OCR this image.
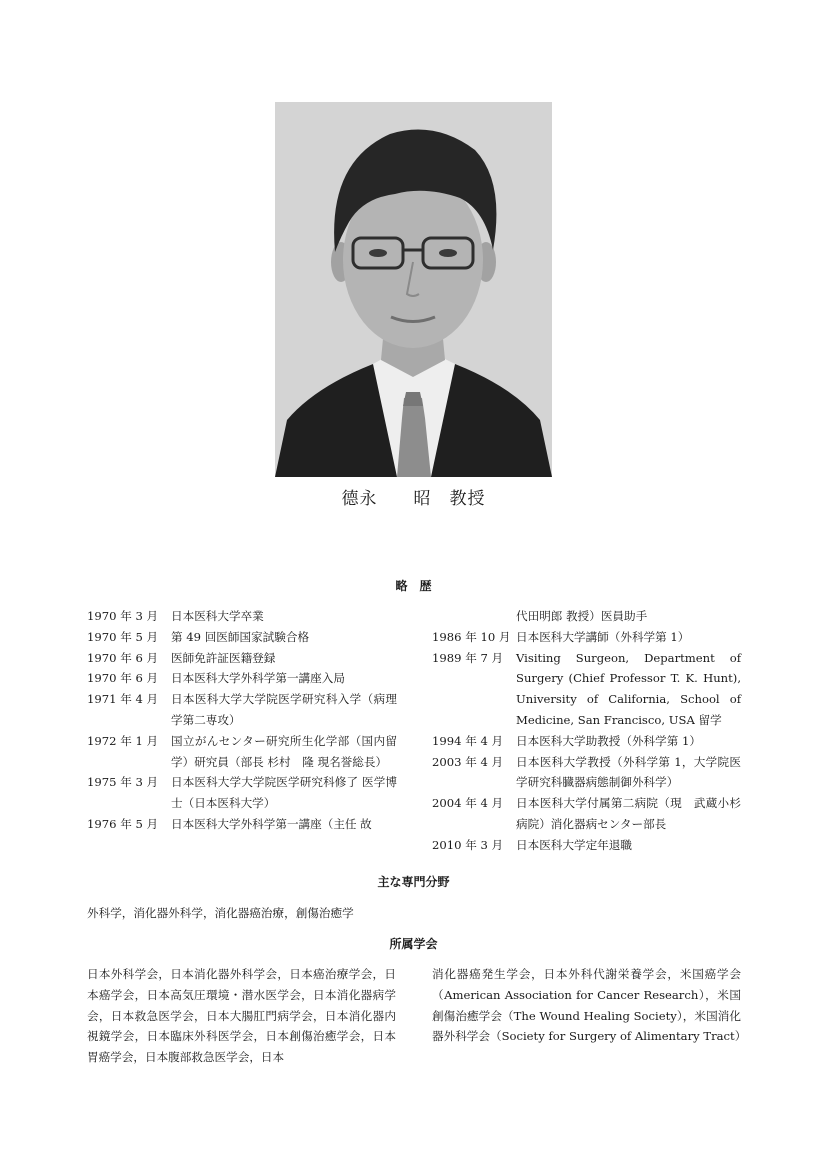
德永　　昭　教授
略　歴
1970 年 3 月	日本医科大学卒業
1970 年 5 月	第 49 回医師国家試験合格
1970 年 6 月	医師免許証医籍登録
1970 年 6 月	日本医科大学外科学第一講座入局
1971 年 4 月	日本医科大学大学院医学研究科入学（病理学第二専攻）
1972 年 1 月	国立がんセンター研究所生化学部（国内留学）研究員（部長 杉村　隆 現名誉総長）
1975 年 3 月	日本医科大学大学院医学研究科修了 医学博士（日本医科大学）
1976 年 5 月	日本医科大学外科学第一講座（主任 故
代田明郎 教授）医員助手
1986 年 10 月 日本医科大学講師（外科学第 1）
1989 年 7 月	Visiting Surgeon, Department of Surgery (Chief Professor T. K. Hunt), University of California, School of Medicine, San Francisco, USA 留学
1994 年 4 月	日本医科大学助教授（外科学第 1）
2003 年 4 月	日本医科大学教授（外科学第 1，大学院医学研究科臓器病態制御外科学）
2004 年 4 月	日本医科大学付属第二病院（現　武蔵小杉病院）消化器病センター部長
2010 年 3 月	日本医科大学定年退職
主な専門分野
外科学，消化器外科学，消化器癌治療，創傷治癒学
所属学会
日本外科学会，日本消化器外科学会，日本癌治療学会，日本癌学会，日本高気圧環境・潜水医学会，日本消化器病学会，日本救急医学会，日本大腸肛門病学会，日本消化器内視鏡学会，日本臨床外科医学会，日本創傷治癒学会，日本胃癌学会，日本腹部救急医学会，日本
消化器癌発生学会，日本外科代謝栄養学会，米国癌学会（American Association for Cancer Research），米国創傷治癒学会（The Wound Healing Society），米国消化器外科学会（Society for Surgery of Alimentary Tract）
